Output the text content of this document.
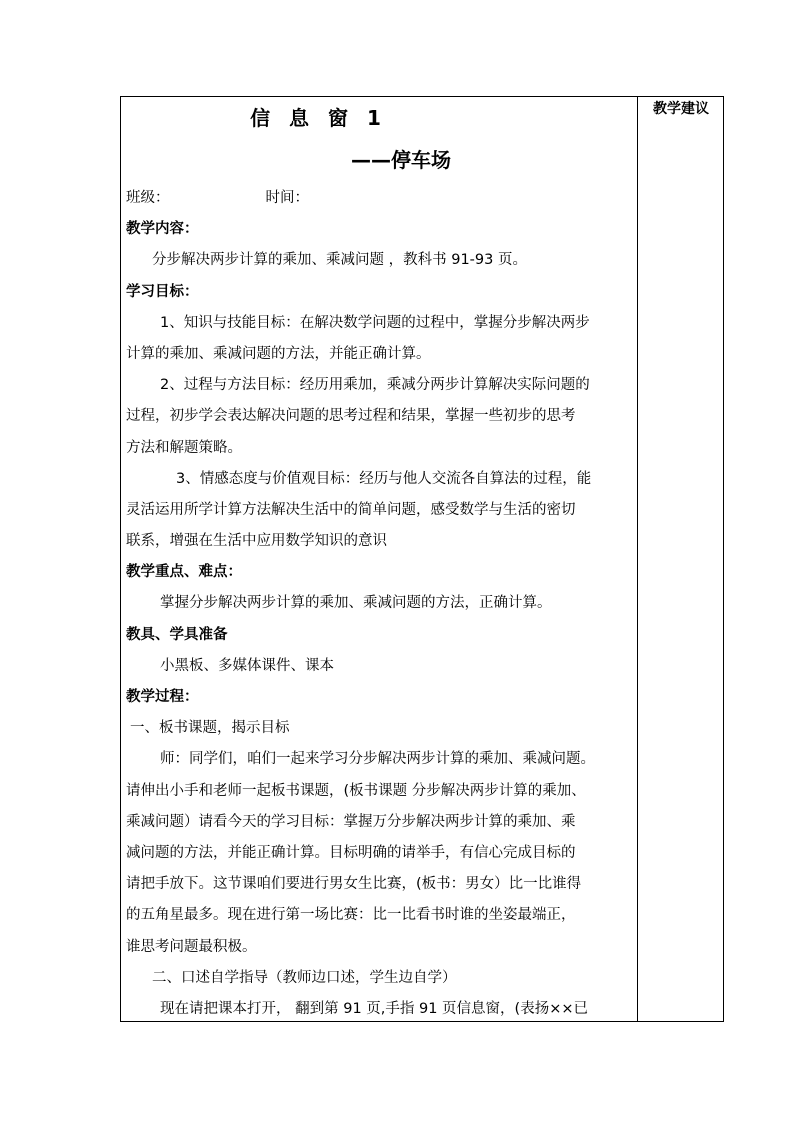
教学建议
信 息 窗 1
——停车场
班级：	时间：
教学内容：
分步解决两步计算的乘加、乘减问题 ，教科书 91-93 页。
学习目标：
1、知识与技能目标：在解决数学问题的过程中，掌握分步解决两步
计算的乘加、乘减问题的方法，并能正确计算。
2、过程与方法目标：经历用乘加，乘减分两步计算解决实际问题的
过程，初步学会表达解决问题的思考过程和结果，掌握一些初步的思考
方法和解题策略。
3、情感态度与价值观目标：经历与他人交流各自算法的过程，能
灵活运用所学计算方法解决生活中的简单问题，感受数学与生活的密切
联系，增强在生活中应用数学知识的意识
教学重点、难点：
掌握分步解决两步计算的乘加、乘减问题的方法，正确计算。
教具、学具准备
小黑板、多媒体课件、课本
教学过程：
一、板书课题，揭示目标
师：同学们，咱们一起来学习分步解决两步计算的乘加、乘减问题。
请伸出小手和老师一起板书课题，(板书课题 分步解决两步计算的乘加、
乘减问题）请看今天的学习目标：掌握万分步解决两步计算的乘加、乘
减问题的方法，并能正确计算。目标明确的请举手，有信心完成目标的
请把手放下。这节课咱们要进行男女生比赛，(板书：男女）比一比谁得
的五角星最多。现在进行第一场比赛：比一比看书时谁的坐姿最端正，
谁思考问题最积极。
二、口述自学指导（教师边口述，学生边自学）
现在请把课本打开， 翻到第 91 页,手指 91 页信息窗，(表扬××已
